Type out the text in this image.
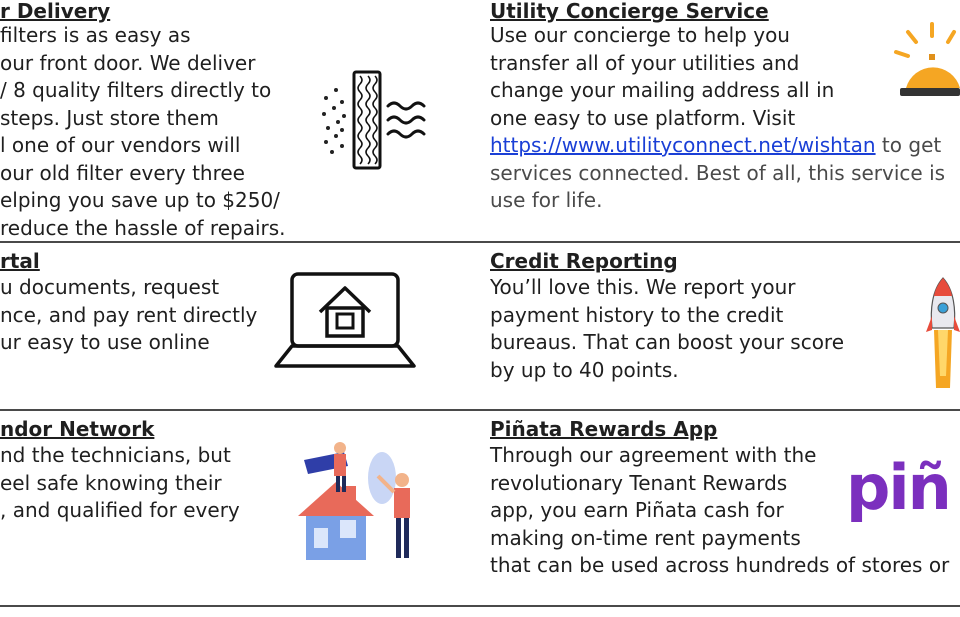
r Delivery
filters is as easy as
our front door. We deliver
/ 8 quality filters directly to
steps. Just store them
l one of our vendors will
our old filter every three
elping you save up to $250/
reduce the hassle of repairs.
Utility Concierge Service
Use our concierge to help you
transfer all of your utilities and
change your mailing address all in
one easy to use platform. Visit
https://www.utilityconnect.net/wishtan to get
services connected. Best of all, this service is
use for life.
rtal
u documents, request
nce, and pay rent directly
ur easy to use online
Credit Reporting
You’ll love this. We report your
payment history to the credit
bureaus. That can boost your score
by up to 40 points.
ndor Network
nd the technicians, but
eel safe knowing their
, and qualified for every
Piñata Rewards App
Through our agreement with the
revolutionary Tenant Rewards
app, you earn Piñata cash for
making on-time rent payments
that can be used across hundreds of stores or
piñ
